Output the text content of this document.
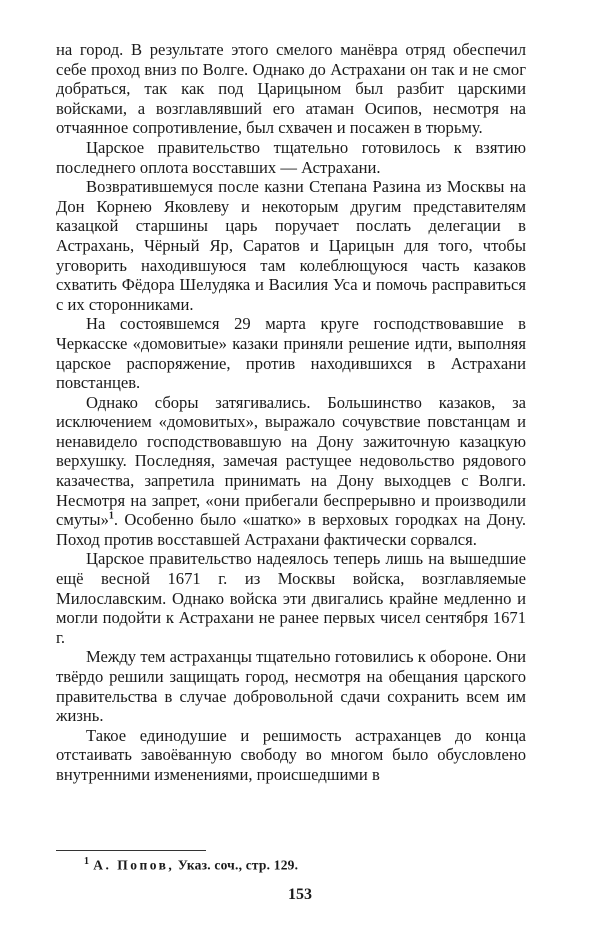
на город. В результате этого смелого манёвра отряд обеспечил себе проход вниз по Волге. Однако до Астрахани он так и не смог добраться, так как под Царицыном был разбит царскими войсками, а возглавлявший его атаман Осипов, несмотря на отчаянное сопротивление, был схвачен и посажен в тюрьму.

Царское правительство тщательно готовилось к взятию последнего оплота восставших — Астрахани.

Возвратившемуся после казни Степана Разина из Москвы на Дон Корнею Яковлеву и некоторым другим представителям казацкой старшины царь поручает послать делегации в Астрахань, Чёрный Яр, Саратов и Царицын для того, чтобы уговорить находившуюся там колеблющуюся часть казаков схватить Фёдора Шелудяка и Василия Уса и помочь расправиться с их сторонниками.

На состоявшемся 29 марта круге господствовавшие в Черкасске «домовитые» казаки приняли решение идти, выполняя царское распоряжение, против находившихся в Астрахани повстанцев.

Однако сборы затягивались. Большинство казаков, за исключением «домовитых», выражало сочувствие повстанцам и ненавидело господствовавшую на Дону зажиточную казацкую верхушку. Последняя, замечая растущее недовольство рядового казачества, запретила принимать на Дону выходцев с Волги. Несмотря на запрет, «они прибегали беспрерывно и производили смуты»$^1$. Особенно было «шатко» в верховых городках на Дону. Поход против восставшей Астрахани фактически сорвался.

Царское правительство надеялось теперь лишь на вышедшие ещё весной 1671 г. из Москвы войска, возглавляемые Милославским. Однако войска эти двигались крайне медленно и могли подойти к Астрахани не ранее первых чисел сентября 1671 г.

Между тем астраханцы тщательно готовились к обороне. Они твёрдо решили защищать город, несмотря на обещания царского правительства в случае добровольной сдачи сохранить всем им жизнь.

Такое единодушие и решимость астраханцев до конца отстаивать завоёванную свободу во многом было обусловлено внутренними изменениями, происшедшими в

$^1$ А. Попов, Указ. соч., стр. 129.
153
